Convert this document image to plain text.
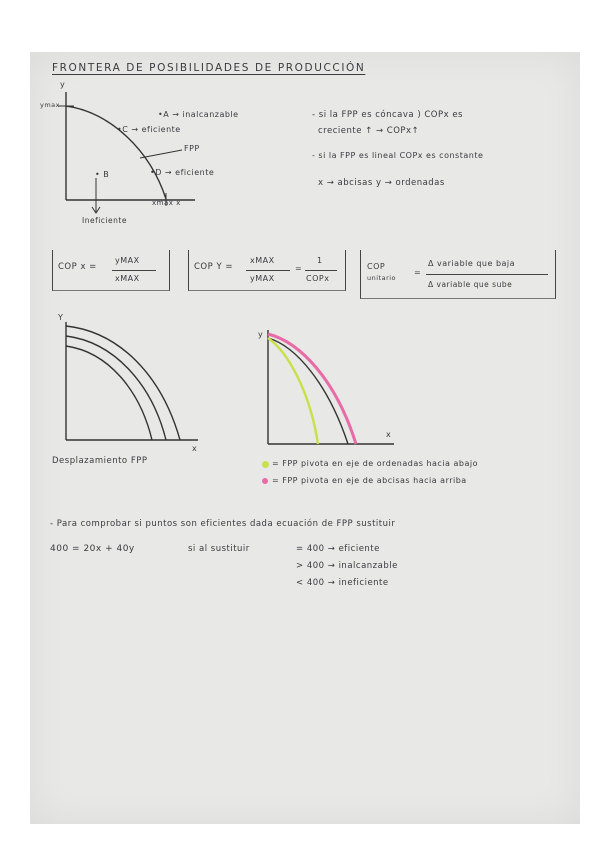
FRONTERA DE POSIBILIDADES DE PRODUCCIÓN
y
ymax
•A → inalcanzable
•C → eficiente
FPP
•D → eficiente
• B
xmax x
Ineficiente
- si la FPP es cóncava ) COPx es
creciente ↑ → COPx↑
- si la FPP es lineal COPx es constante
x → abcisas y → ordenadas
COP x =
yMAX
xMAX
COP Y =
xMAX
yMAX
=
1
COPx
COP
unitario
=
Δ variable que baja
Δ variable que sube
Y
x
Desplazamiento FPP
y
x
= FPP pivota en eje de ordenadas hacia abajo
= FPP pivota en eje de abcisas hacia arriba
- Para comprobar si puntos son eficientes dada ecuación de FPP sustituir
400 = 20x + 40y	si al sustituir	= 400 → eficiente
> 400 → inalcanzable
< 400 → ineficiente
